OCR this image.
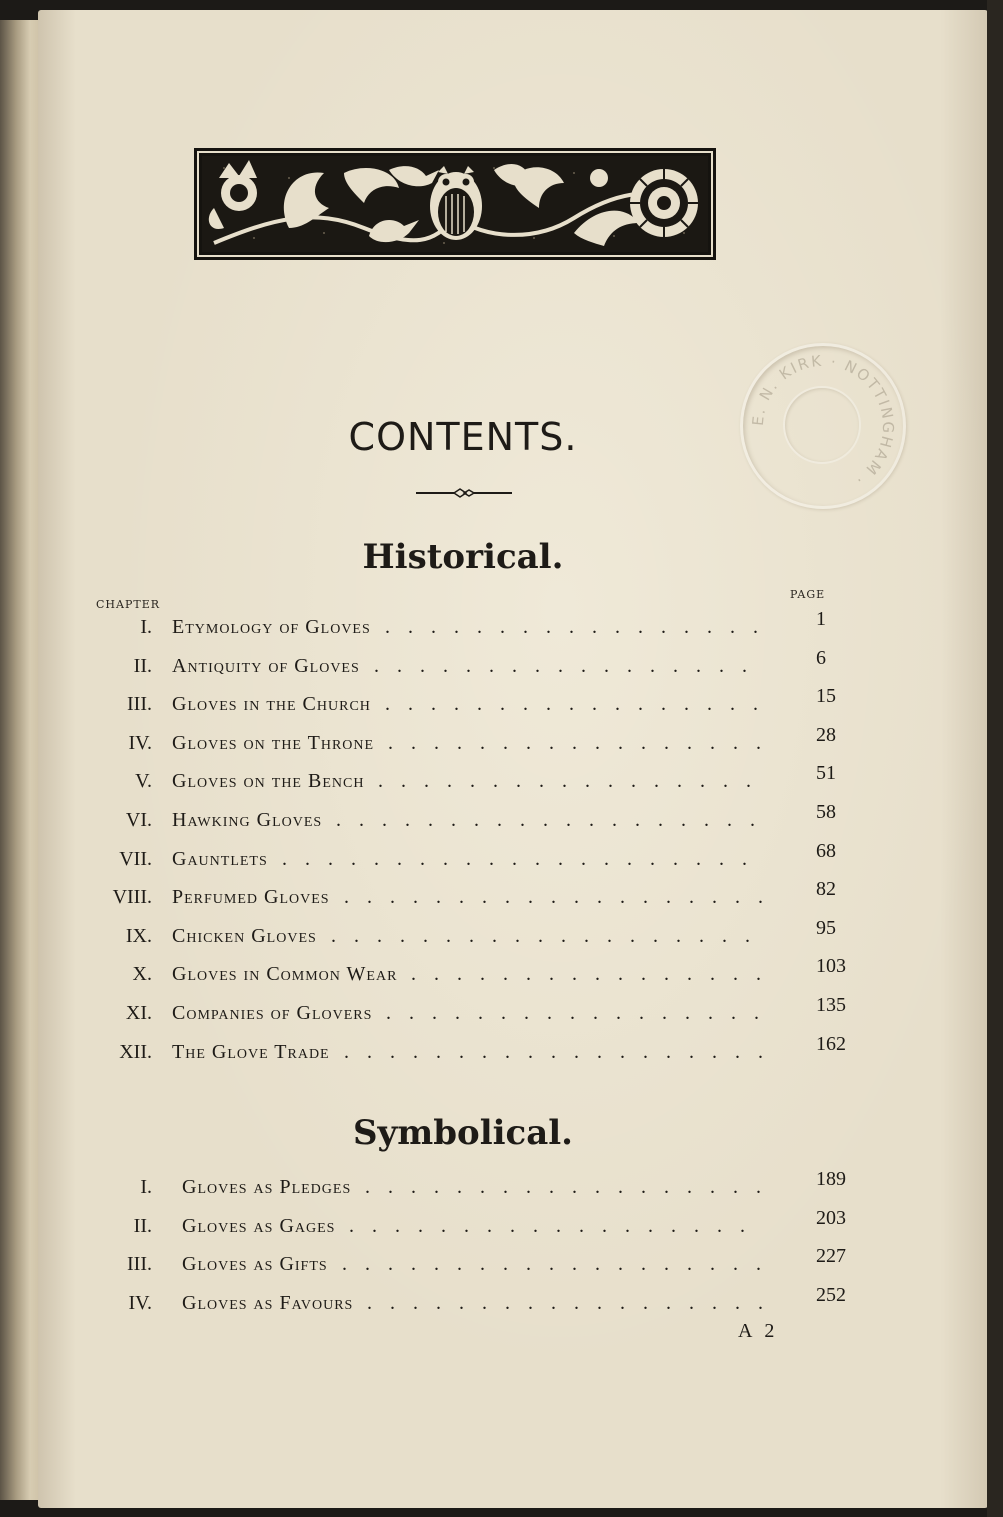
E. N. KIRK · NOTTINGHAM ·
CONTENTS.
Historical.
CHAPTER
PAGE
I. Etymology of Gloves .................	1
II. Antiquity of Gloves .................	6
III. Gloves in the Church .................	15
IV. Gloves on the Throne .................	28
V. Gloves on the Bench .................	51
VI. Hawking Gloves ...................	58
VII. Gauntlets .....................	68
VIII. Perfumed Gloves ...................	82
IX. Chicken Gloves ...................	95
X. Gloves in Common Wear ................	103
XI. Companies of Glovers .................	135
XII. The Glove Trade ...................	162
Symbolical.
I. Gloves as Pledges ..................	189
II. Gloves as Gages ..................	203
III. Gloves as Gifts ...................	227
IV. Gloves as Favours ..................	252
A 2
